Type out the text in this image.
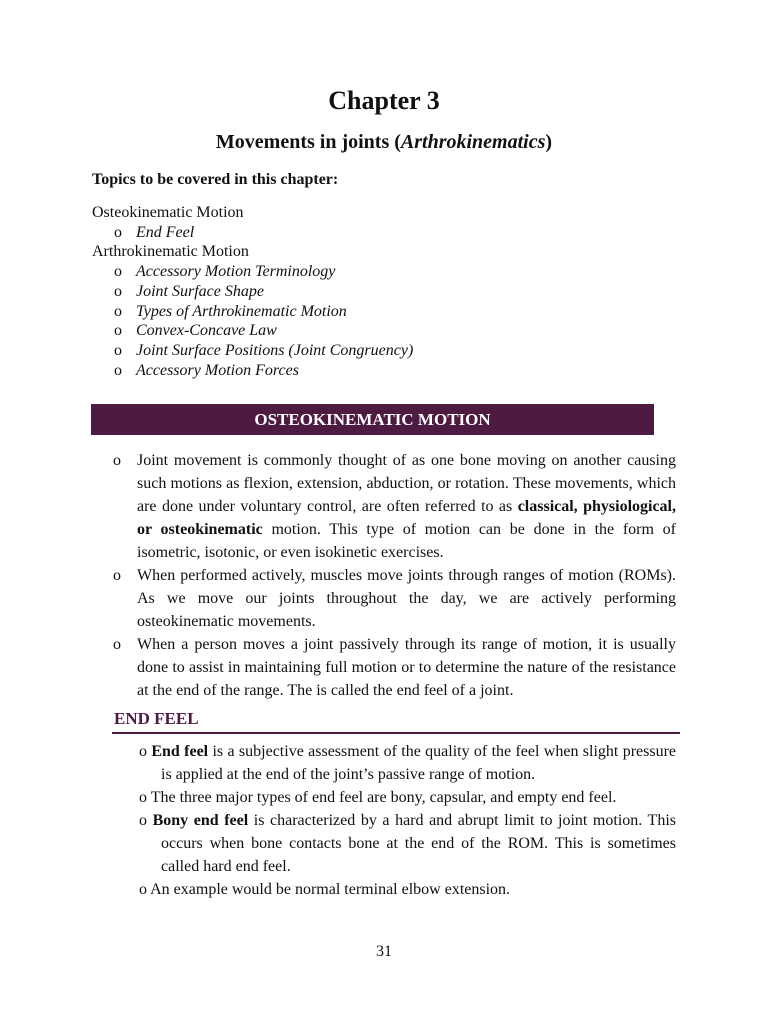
Chapter 3
Movements in joints (Arthrokinematics)
Topics to be covered in this chapter:
Osteokinematic Motion
o End Feel
Arthrokinematic Motion
o Accessory Motion Terminology
o Joint Surface Shape
o Types of Arthrokinematic Motion
o Convex-Concave Law
o Joint Surface Positions (Joint Congruency)
o Accessory Motion Forces
OSTEOKINEMATIC MOTION
o Joint movement is commonly thought of as one bone moving on another causing such motions as flexion, extension, abduction, or rotation. These movements, which are done under voluntary control, are often referred to as classical, physiological, or osteokinematic motion. This type of motion can be done in the form of isometric, isotonic, or even isokinetic exercises.
o When performed actively, muscles move joints through ranges of motion (ROMs). As we move our joints throughout the day, we are actively performing osteokinematic movements.
o When a person moves a joint passively through its range of motion, it is usually done to assist in maintaining full motion or to determine the nature of the resistance at the end of the range. The is called the end feel of a joint.
END FEEL
o End feel is a subjective assessment of the quality of the feel when slight pressure is applied at the end of the joint’s passive range of motion.
o The three major types of end feel are bony, capsular, and empty end feel.
o Bony end feel is characterized by a hard and abrupt limit to joint motion. This occurs when bone contacts bone at the end of the ROM. This is sometimes called hard end feel.
o An example would be normal terminal elbow extension.
31
